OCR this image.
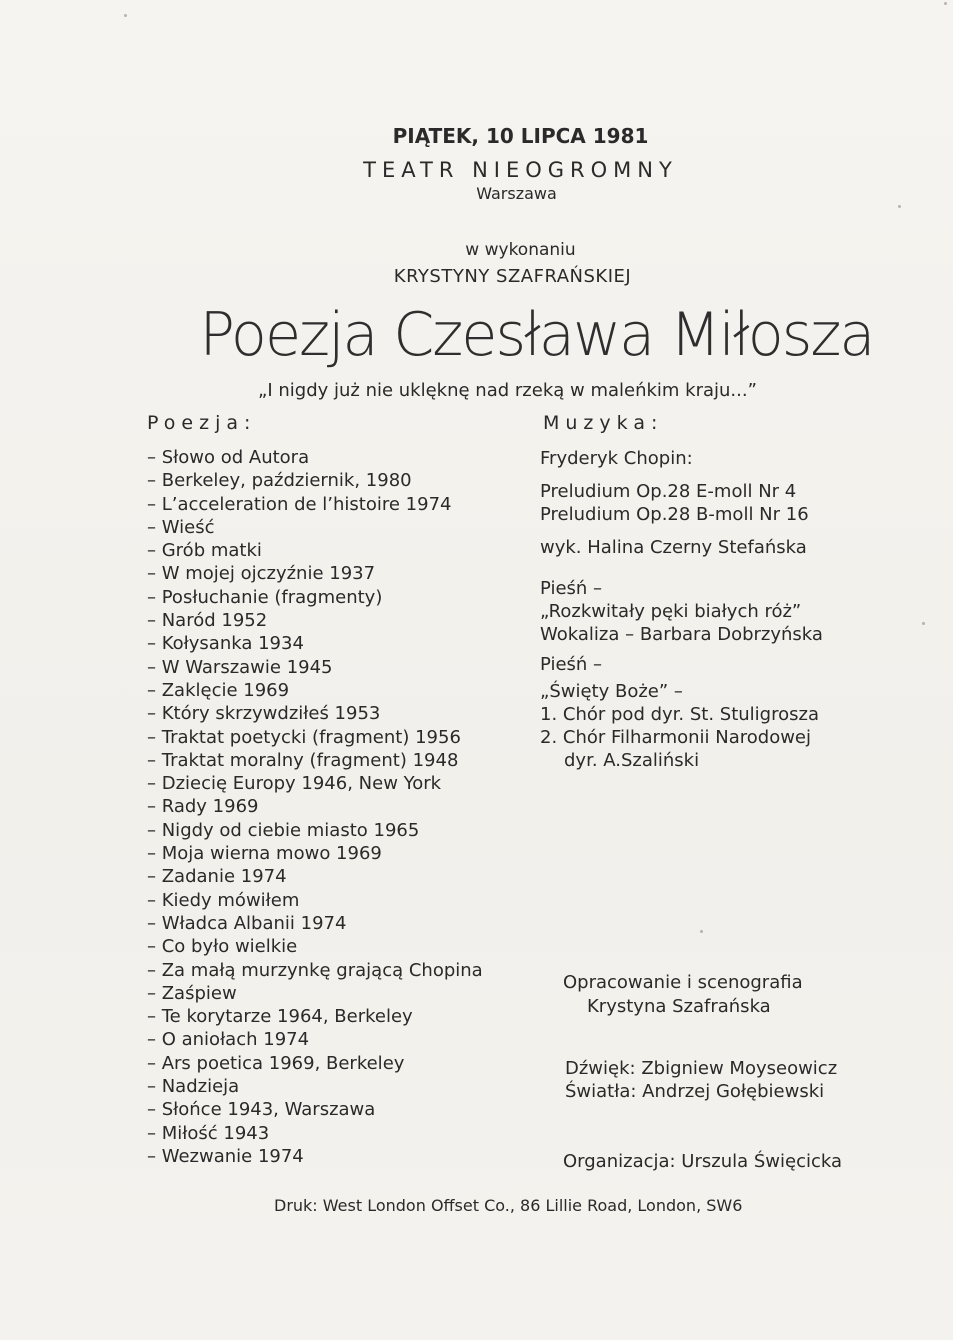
PIĄTEK, 10 LIPCA 1981
TEATR NIEOGROMNY
Warszawa
w wykonaniu
KRYSTYNY SZAFRAŃSKIEJ
Poezja Czesława Miłosza
„I nigdy już nie uklęknę nad rzeką w maleńkim kraju...”
Poezja:	Muzyka:
– Słowo od Autora
– Berkeley, październik, 1980
– L’acceleration de l’histoire 1974
– Wieść
– Grób matki
– W mojej ojczyźnie 1937
– Posłuchanie (fragmenty)
– Naród 1952
– Kołysanka 1934
– W Warszawie 1945
– Zaklęcie 1969
– Który skrzywdziłeś 1953
– Traktat poetycki (fragment) 1956
– Traktat moralny (fragment) 1948
– Dziecię Europy 1946, New York
– Rady 1969
– Nigdy od ciebie miasto 1965
– Moja wierna mowo 1969
– Zadanie 1974
– Kiedy mówiłem
– Władca Albanii 1974
– Co było wielkie
– Za małą murzynkę grającą Chopina
– Zaśpiew
– Te korytarze 1964, Berkeley
– O aniołach 1974
– Ars poetica 1969, Berkeley
– Nadzieja
– Słońce 1943, Warszawa
– Miłość 1943
– Wezwanie 1974
Fryderyk Chopin:
Preludium Op.28 E-moll Nr 4
Preludium Op.28 B-moll Nr 16
wyk. Halina Czerny Stefańska
Pieśń –
„Rozkwitały pęki białych róż”
Wokaliza – Barbara Dobrzyńska
Pieśń –
„Święty Boże” –
1. Chór pod dyr. St. Stuligrosza
2. Chór Filharmonii Narodowej
dyr. A.Szaliński
Opracowanie i scenografia
Krystyna Szafrańska
Dźwięk: Zbigniew Moyseowicz
Światła: Andrzej Gołębiewski
Organizacja: Urszula Święcicka
Druk: West London Offset Co., 86 Lillie Road, London, SW6
